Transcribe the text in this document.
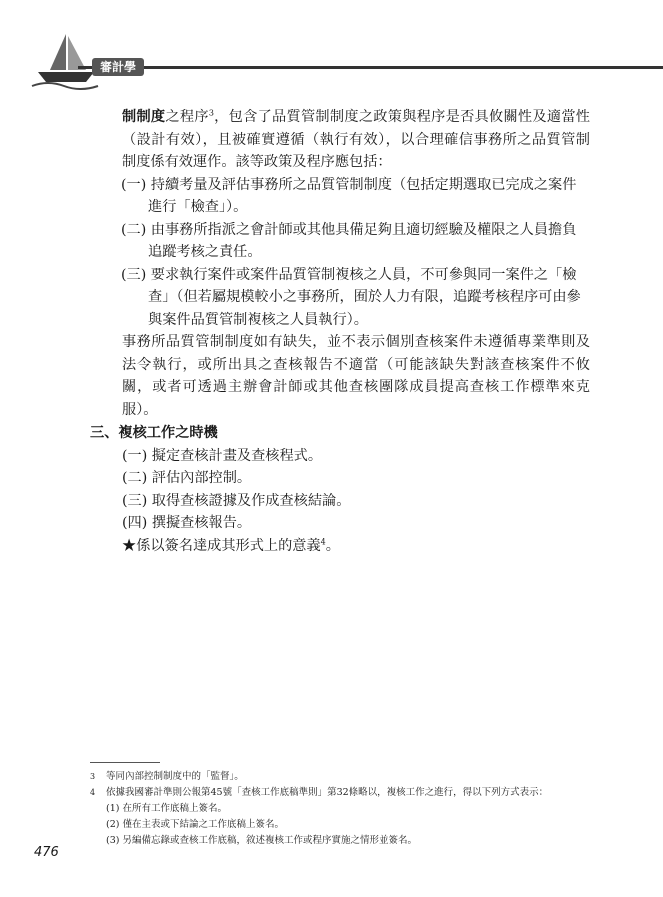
審計學

制制度之程序$^3$，包含了品質管制制度之政策與程序是否具攸關性及適當性（設計有效），且被確實遵循（執行有效），以合理確信事務所之品質管制制度係有效運作。該等政策及程序應包括：

(一) 持續考量及評估事務所之品質管制制度（包括定期選取已完成之案件進行「檢查」）。

(二) 由事務所指派之會計師或其他具備足夠且適切經驗及權限之人員擔負追蹤考核之責任。

(三) 要求執行案件或案件品質管制複核之人員，不可參與同一案件之「檢查」（但若屬規模較小之事務所，囿於人力有限，追蹤考核程序可由參與案件品質管制複核之人員執行）。

事務所品質管制制度如有缺失，並不表示個別查核案件未遵循專業準則及法令執行，或所出具之查核報告不適當（可能該缺失對該查核案件不攸關，或者可透過主辦會計師或其他查核團隊成員提高查核工作標準來克服）。

三、複核工作之時機

(一) 擬定查核計畫及查核程式。

(二) 評估內部控制。

(三) 取得查核證據及作成查核結論。

(四) 撰擬查核報告。

★係以簽名達成其形式上的意義$^4$。

3	等同內部控制制度中的「監督」。

4	依據我國審計準則公報第45號「查核工作底稿準則」第32條略以，複核工作之進行，得以下列方式表示：

(1) 在所有工作底稿上簽名。

(2) 僅在主表或下結論之工作底稿上簽名。

(3) 另編備忘錄或查核工作底稿，敘述複核工作或程序實施之情形並簽名。

476
